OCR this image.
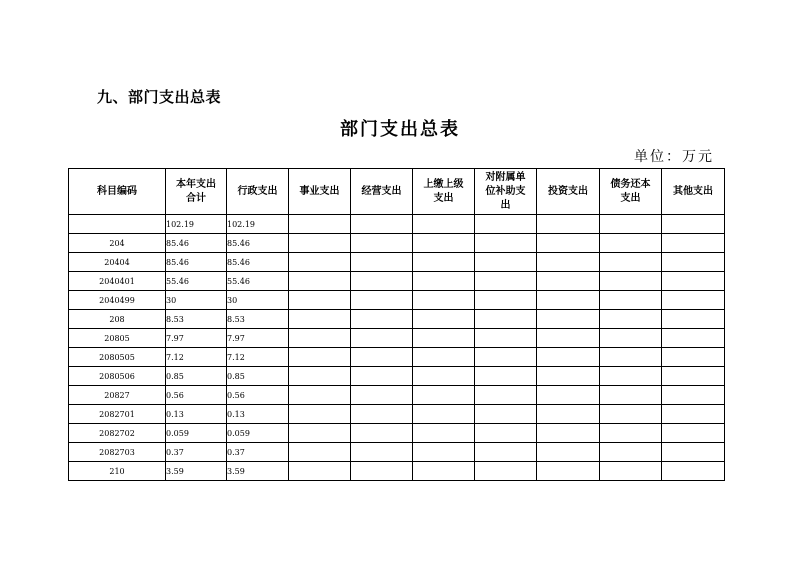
九、部门支出总表
部门支出总表
单位：万元
科目编码	本年支出合计	行政支出	事业支出	经营支出	上缴上级支出	对附属单位补助支出	投资支出	债务还本支出	其他支出
	102.19	102.19							
204	85.46	85.46							
20404	85.46	85.46							
2040401	55.46	55.46							
2040499	30	30							
208	8.53	8.53							
20805	7.97	7.97							
2080505	7.12	7.12							
2080506	0.85	0.85							
20827	0.56	0.56							
2082701	0.13	0.13							
2082702	0.059	0.059							
2082703	0.37	0.37							
210	3.59	3.59							
